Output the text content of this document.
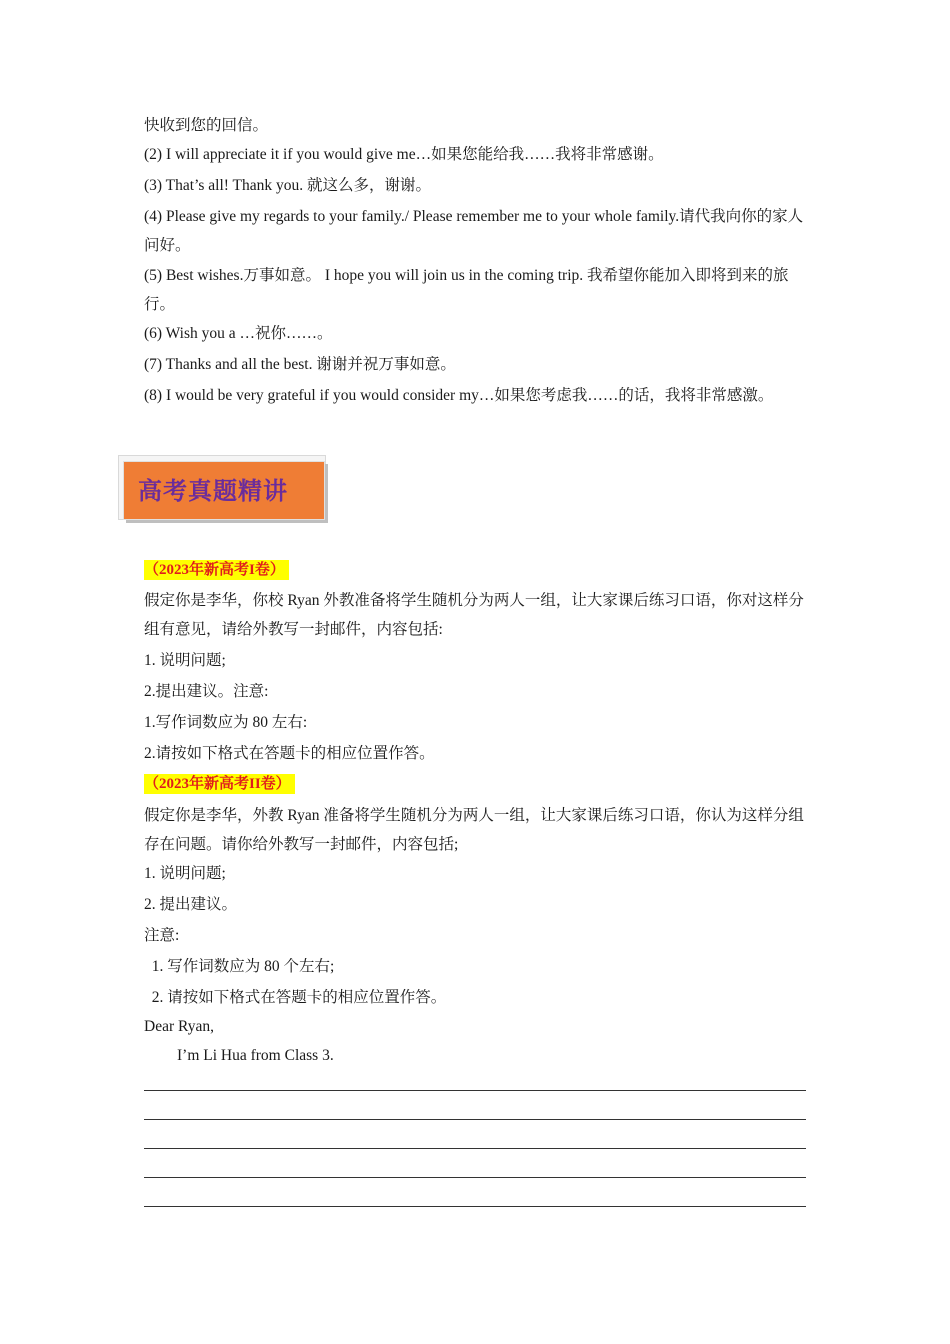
快收到您的回信。
(2) I will appreciate it if you would give me…如果您能给我……我将非常感谢。
(3) That’s all! Thank you. 就这么多，谢谢。
(4) Please give my regards to your family./ Please remember me to your whole family.请代我向你的家人问好。
(5) Best wishes.万事如意。 I hope you will join us in the coming trip. 我希望你能加入即将到来的旅行。
(6) Wish you a …祝你……。
(7) Thanks and all the best. 谢谢并祝万事如意。
(8) I would be very grateful if you would consider my…如果您考虑我……的话，我将非常感激。
高考真题精讲
（2023年新高考I卷）
假定你是李华，你校 Ryan 外教准备将学生随机分为两人一组，让大家课后练习口语，你对这样分组有意见，请给外教写一封邮件，内容包括:
1. 说明问题;
2.提出建议。注意:
1.写作词数应为 80 左右:
2.请按如下格式在答题卡的相应位置作答。
（2023年新高考II卷）
假定你是李华，外教 Ryan 准备将学生随机分为两人一组，让大家课后练习口语，你认为这样分组存在问题。请你给外教写一封邮件，内容包括;
1. 说明问题;
2. 提出建议。
注意:
1. 写作词数应为 80 个左右;
2. 请按如下格式在答题卡的相应位置作答。
Dear Ryan,
I’m Li Hua from Class 3.
